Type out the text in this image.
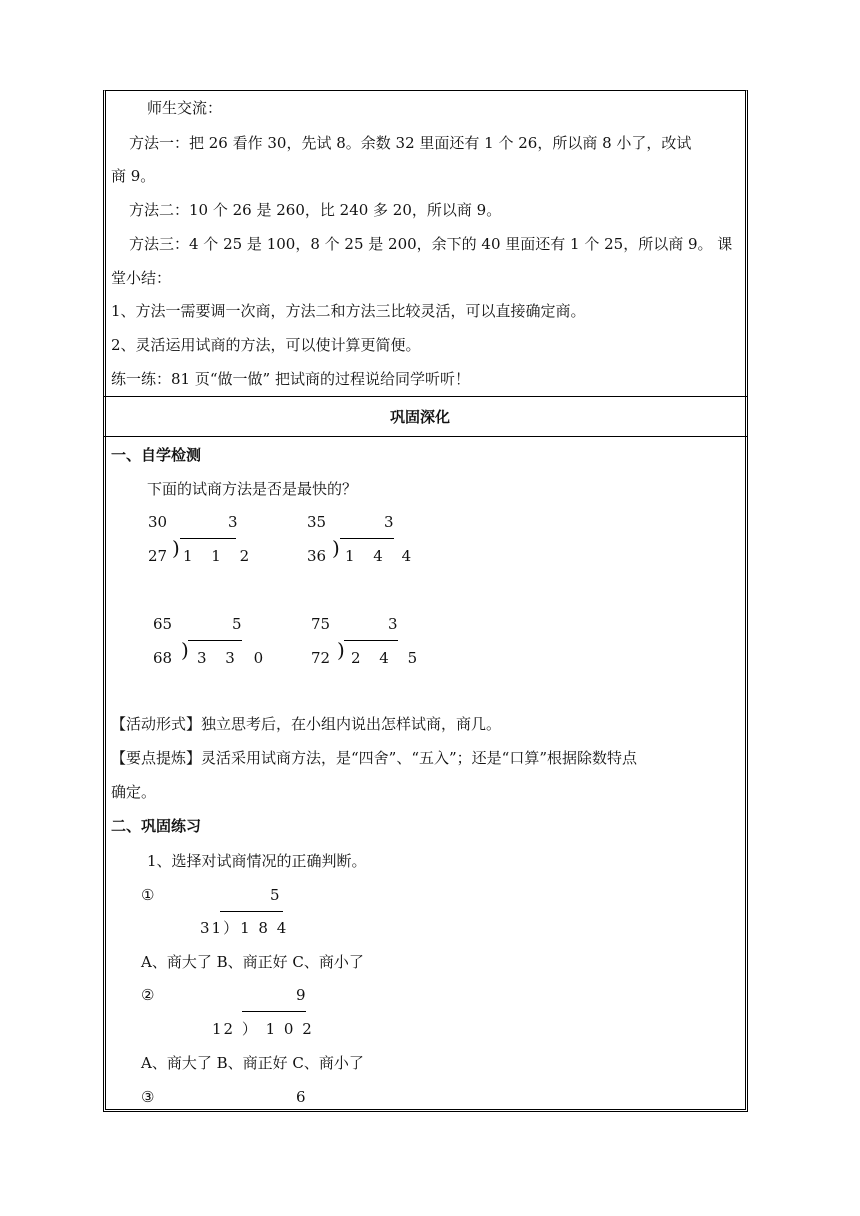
师生交流：
方法一：把 26 看作 30，先试 8。余数 32 里面还有 1 个 26，所以商 8 小了，改试
商 9。
方法二：10 个 26 是 260，比 240 多 20，所以商 9。
方法三：4 个 25 是 100，8 个 25 是 200，余下的 40 里面还有 1 个 25，所以商 9。 课
堂小结：
1、方法一需要调一次商，方法二和方法三比较灵活，可以直接确定商。
2、灵活运用试商的方法，可以使计算更简便。
练一练：81 页“做一做” 把试商的过程说给同学听听！
巩固深化
一、自学检测
下面的试商方法是否是最快的？
30	3
27 ) 1 1 2
35	3
36 ) 1 4 4
65	5
68 ) 3 3 0
75	3
72 ) 2 4 5
【活动形式】独立思考后，在小组内说出怎样试商，商几。
【要点提炼】灵活采用试商方法，是“四舍”、“五入”；还是“口算”根据除数特点
确定。
二、巩固练习
1、选择对试商情况的正确判断。
①	5
31）1 8 4
A、商大了 B、商正好 C、商小了
②	9
12 ） 1 0 2
A、商大了 B、商正好 C、商小了
③	6
